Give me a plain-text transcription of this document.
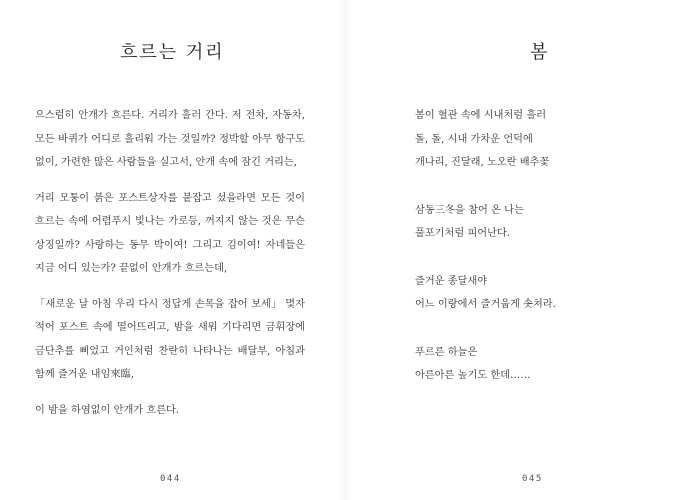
흐르는 거리

으스럼히 안개가 흐른다. 거리가 흘러 간다. 저 전차, 자동차, 모든 바퀴가 어디로 흘리워 가는 것일까? 정박할 아무 항구도 없이, 가련한 많은 사람들을 실고서, 안개 속에 잠긴 거리는,

거리 모퉁이 붉은 포스트상자를 붙잡고 섰을라면 모든 것이 흐르는 속에 어렴푸시 빛나는 가로등, 꺼지지 않는 것은 무슨 상징일까? 사랑하는 동무 박이여! 그리고 김이여! 자네들은 지금 어디 있는가? 끝없이 안개가 흐르는데,

「새로운 날 아침 우리 다시 정답게 손목을 잡어 보세」 몇자 적어 포스트 속에 떨어뜨리고, 밤을 새워 기다리면 금휘장에 금단추를 삐었고 거인처럼 찬란히 나타나는 배달부, 아침과 함께 즐거운 내임來臨,

이 밤을 하염없이 안개가 흐른다.

044
봄
봄이 혈관 속에 시내처럼 흘러
돌, 돌, 시내 가차운 언덕에
개나리, 진달래, 노오란 배추꽃
삼동三冬을 참어 온 나는
풀포기처럼 피어난다.
즐거운 종달새야
어느 이랑에서 즐거웁게 솟쳐라.
푸르른 하늘은
아른아른 높기도 한데……
045
